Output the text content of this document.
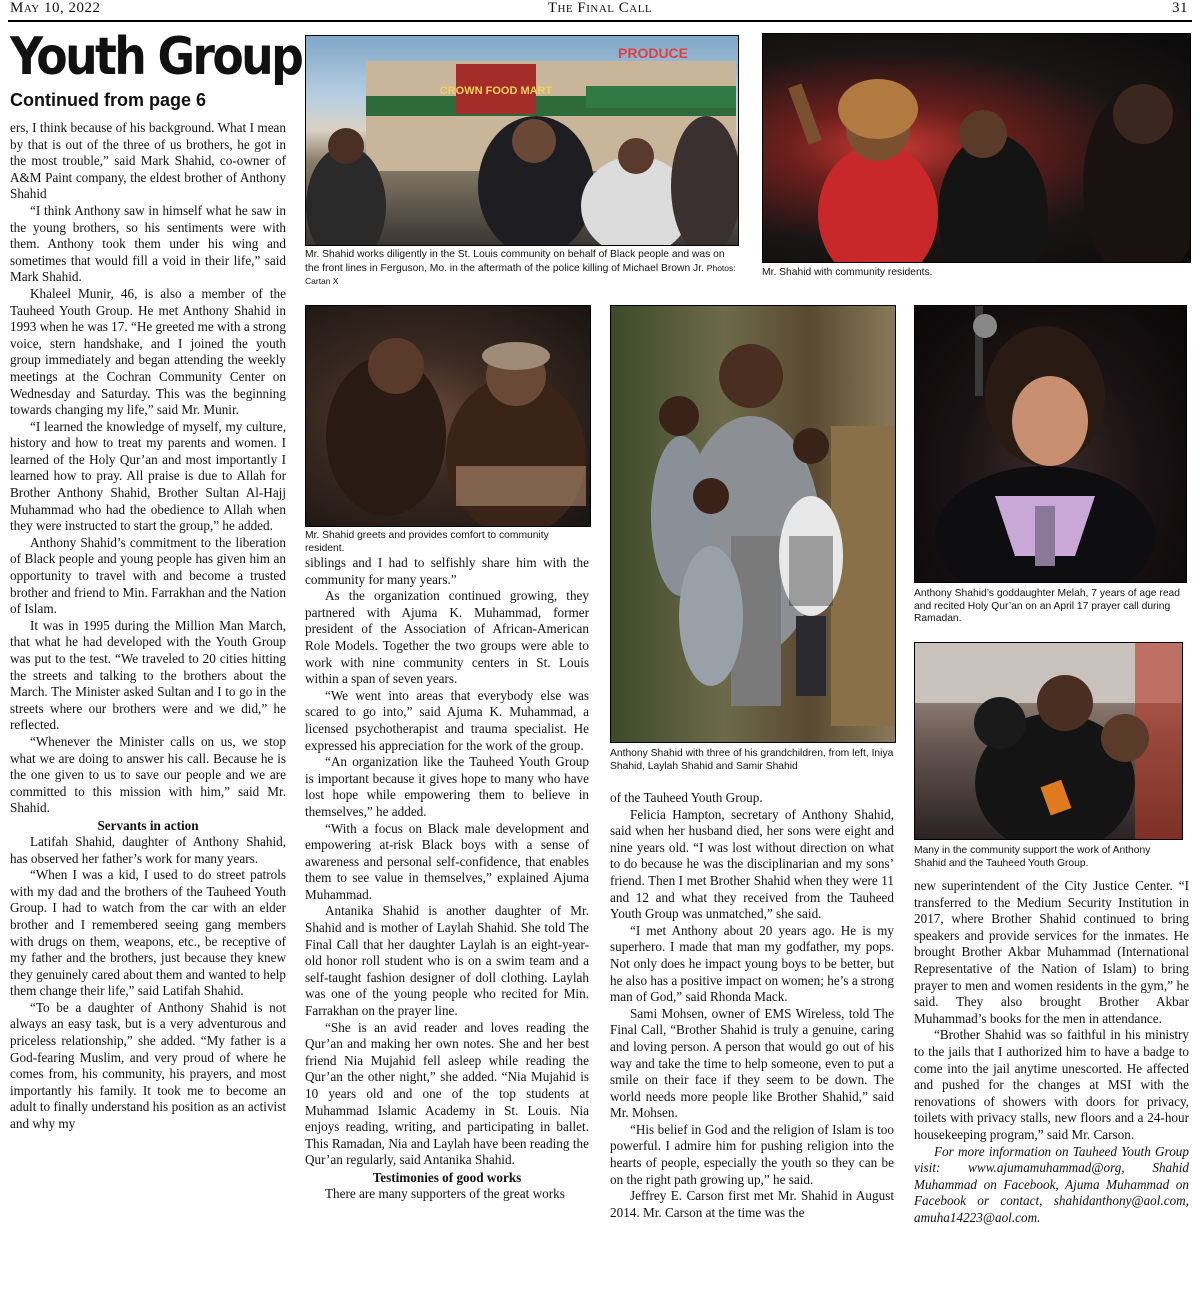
May 10, 2022	The Final Call	31
Youth Group
Continued from page 6

ers, I think because of his background. What I mean by that is out of the three of us brothers, he got in the most trouble,” said Mark Shahid, co-owner of A&M Paint company, the eldest brother of Anthony Shahid

“I think Anthony saw in himself what he saw in the young brothers, so his sentiments were with them. Anthony took them under his wing and sometimes that would fill a void in their life,” said Mark Shahid.

Khaleel Munir, 46, is also a member of the Tauheed Youth Group. He met Anthony Shahid in 1993 when he was 17. “He greeted me with a strong voice, stern handshake, and I joined the youth group immediately and began attending the weekly meetings at the Cochran Community Center on Wednesday and Saturday. This was the beginning towards changing my life,” said Mr. Munir.

“I learned the knowledge of myself, my culture, history and how to treat my parents and women. I learned of the Holy Qur’an and most importantly I learned how to pray. All praise is due to Allah for Brother Anthony Shahid, Brother Sultan Al-Hajj Muhammad who had the obedience to Allah when they were instructed to start the group,” he added.

Anthony Shahid’s commitment to the liberation of Black people and young people has given him an opportunity to travel with and become a trusted brother and friend to Min. Farrakhan and the Nation of Islam.

It was in 1995 during the Million Man March, that what he had developed with the Youth Group was put to the test. “We traveled to 20 cities hitting the streets and talking to the brothers about the March. The Minister asked Sultan and I to go in the streets where our brothers were and we did,” he reflected.

“Whenever the Minister calls on us, we stop what we are doing to answer his call. Because he is the one given to us to save our people and we are committed to this mission with him,” said Mr. Shahid.

Servants in action

Latifah Shahid, daughter of Anthony Shahid, has observed her father’s work for many years.

“When I was a kid, I used to do street patrols with my dad and the brothers of the Tauheed Youth Group. I had to watch from the car with an elder brother and I remembered seeing gang members with drugs on them, weapons, etc., be receptive of my father and the brothers, just because they knew they genuinely cared about them and wanted to help them change their life,” said Latifah Shahid.

“To be a daughter of Anthony Shahid is not always an easy task, but is a very adventurous and priceless relationship,” she added. “My father is a God-fearing Muslim, and very proud of where he comes from, his community, his prayers, and most importantly his family. It took me to become an adult to finally understand his position as an activist and why my

CROWN FOOD MART
PRODUCE
Mr. Shahid works diligently in the St. Louis community on behalf of Black people and was on the front lines in Ferguson, Mo. in the aftermath of the police killing of Michael Brown Jr. Photos: Cartan X
Mr. Shahid with community residents.
Mr. Shahid greets and provides comfort to community resident.

siblings and I had to selfishly share him with the community for many years.”

As the organization continued growing, they partnered with Ajuma K. Muhammad, former president of the Association of African-American Role Models. Together the two groups were able to work with nine community centers in St. Louis within a span of seven years.

“We went into areas that everybody else was scared to go into,” said Ajuma K. Muhammad, a licensed psychotherapist and trauma specialist. He expressed his appreciation for the work of the group.

“An organization like the Tauheed Youth Group is important because it gives hope to many who have lost hope while empowering them to believe in themselves,” he added.

“With a focus on Black male development and empowering at-risk Black boys with a sense of awareness and personal self-confidence, that enables them to see value in themselves,” explained Ajuma Muhammad.

Antanika Shahid is another daughter of Mr. Shahid and is mother of Laylah Shahid. She told The Final Call that her daughter Laylah is an eight-year-old honor roll student who is on a swim team and a self-taught fashion designer of doll clothing. Laylah was one of the young people who recited for Min. Farrakhan on the prayer line.

“She is an avid reader and loves reading the Qur’an and making her own notes. She and her best friend Nia Mujahid fell asleep while reading the Qur’an the other night,” she added. “Nia Mujahid is 10 years old and one of the top students at Muhammad Islamic Academy in St. Louis. Nia enjoys reading, writing, and participating in ballet. This Ramadan, Nia and Laylah have been reading the Qur’an regularly, said Antanika Shahid.

Testimonies of good works

There are many supporters of the great works

Anthony Shahid with three of his grandchildren, from left, Iniya Shahid, Laylah Shahid and Samir Shahid

of the Tauheed Youth Group.

Felicia Hampton, secretary of Anthony Shahid, said when her husband died, her sons were eight and nine years old. “I was lost without direction on what to do because he was the disciplinarian and my sons’ friend. Then I met Brother Shahid when they were 11 and 12 and what they received from the Tauheed Youth Group was unmatched,” she said.

“I met Anthony about 20 years ago. He is my superhero. I made that man my godfather, my pops. Not only does he impact young boys to be better, but he also has a positive impact on women; he’s a strong man of God,” said Rhonda Mack.

Sami Mohsen, owner of EMS Wireless, told The Final Call, “Brother Shahid is truly a genuine, caring and loving person. A person that would go out of his way and take the time to help someone, even to put a smile on their face if they seem to be down. The world needs more people like Brother Shahid,” said Mr. Mohsen.

“His belief in God and the religion of Islam is too powerful. I admire him for pushing religion into the hearts of people, especially the youth so they can be on the right path growing up,” he said.

Jeffrey E. Carson first met Mr. Shahid in August 2014. Mr. Carson at the time was the

Anthony Shahid’s goddaughter Melah, 7 years of age read and recited Holy Qur’an on an April 17 prayer call during Ramadan.
Many in the community support the work of Anthony Shahid and the Tauheed Youth Group.

new superintendent of the City Justice Center. “I transferred to the Medium Security Institution in 2017, where Brother Shahid continued to bring speakers and provide services for the inmates. He brought Brother Akbar Muhammad (International Representative of the Nation of Islam) to bring prayer to men and women residents in the gym,” he said. They also brought Brother Akbar Muhammad’s books for the men in attendance.

“Brother Shahid was so faithful in his ministry to the jails that I authorized him to have a badge to come into the jail anytime unescorted. He affected and pushed for the changes at MSI with the renovations of showers with doors for privacy, toilets with privacy stalls, new floors and a 24-hour housekeeping program,” said Mr. Carson.

For more information on Tauheed Youth Group visit: www.ajumamuhammad@org, Shahid Muhammad on Facebook, Ajuma Muhammad on Facebook or contact, shahidanthony@aol.com, amuha14223@aol.com.
